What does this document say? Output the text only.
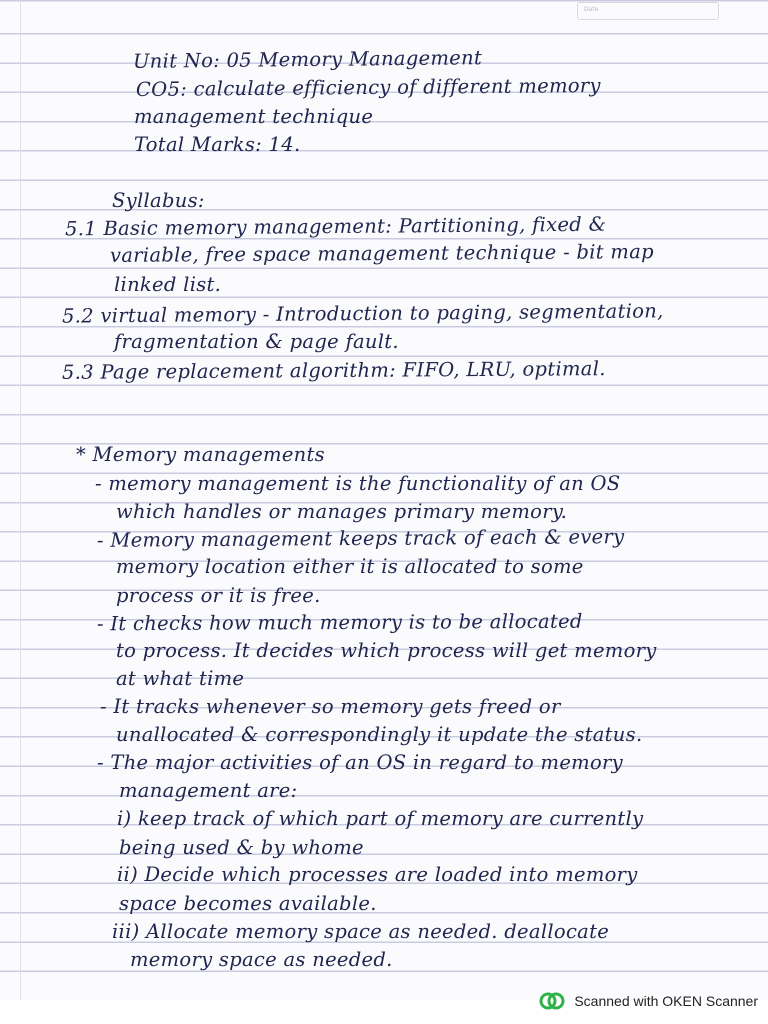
Date
Unit No: 05 Memory Management
CO5: calculate efficiency of different memory
management technique
Total Marks: 14.
Syllabus:
5.1 Basic memory management: Partitioning, fixed &
variable, free space management technique - bit map
linked list.
5.2 virtual memory - Introduction to paging, segmentation,
fragmentation & page fault.
5.3 Page replacement algorithm: FIFO, LRU, optimal.
* Memory managements
- memory management is the functionality of an OS
which handles or manages primary memory.
- Memory management keeps track of each & every
memory location either it is allocated to some
process or it is free.
- It checks how much memory is to be allocated
to process. It decides which process will get memory
at what time
- It tracks whenever so memory gets freed or
unallocated & correspondingly it update the status.
- The major activities of an OS in regard to memory
management are:
i) keep track of which part of memory are currently
being used & by whome
ii) Decide which processes are loaded into memory
space becomes available.
iii) Allocate memory space as needed. deallocate
memory space as needed.
Scanned with OKEN Scanner
